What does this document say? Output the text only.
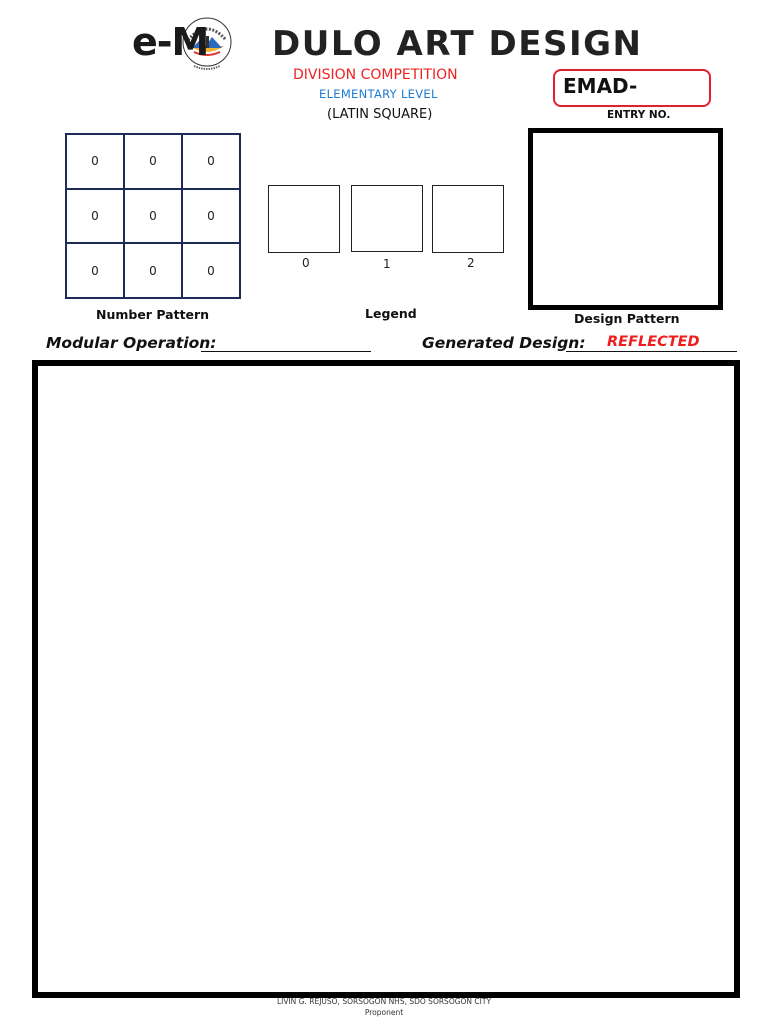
e-M DULO ART DESIGN
DIVISION COMPETITION
ELEMENTARY LEVEL
(LATIN SQUARE)
EMAD-
ENTRY NO.
0	0	0
0	0	0
0	0	0
Number Pattern
0	1	2
Legend	Design Pattern
Modular Operation:	Generated Design: REFLECTED
LIVIN G. REJUSO, SORSOGON NHS, SDO SORSOGON CITY
Proponent
